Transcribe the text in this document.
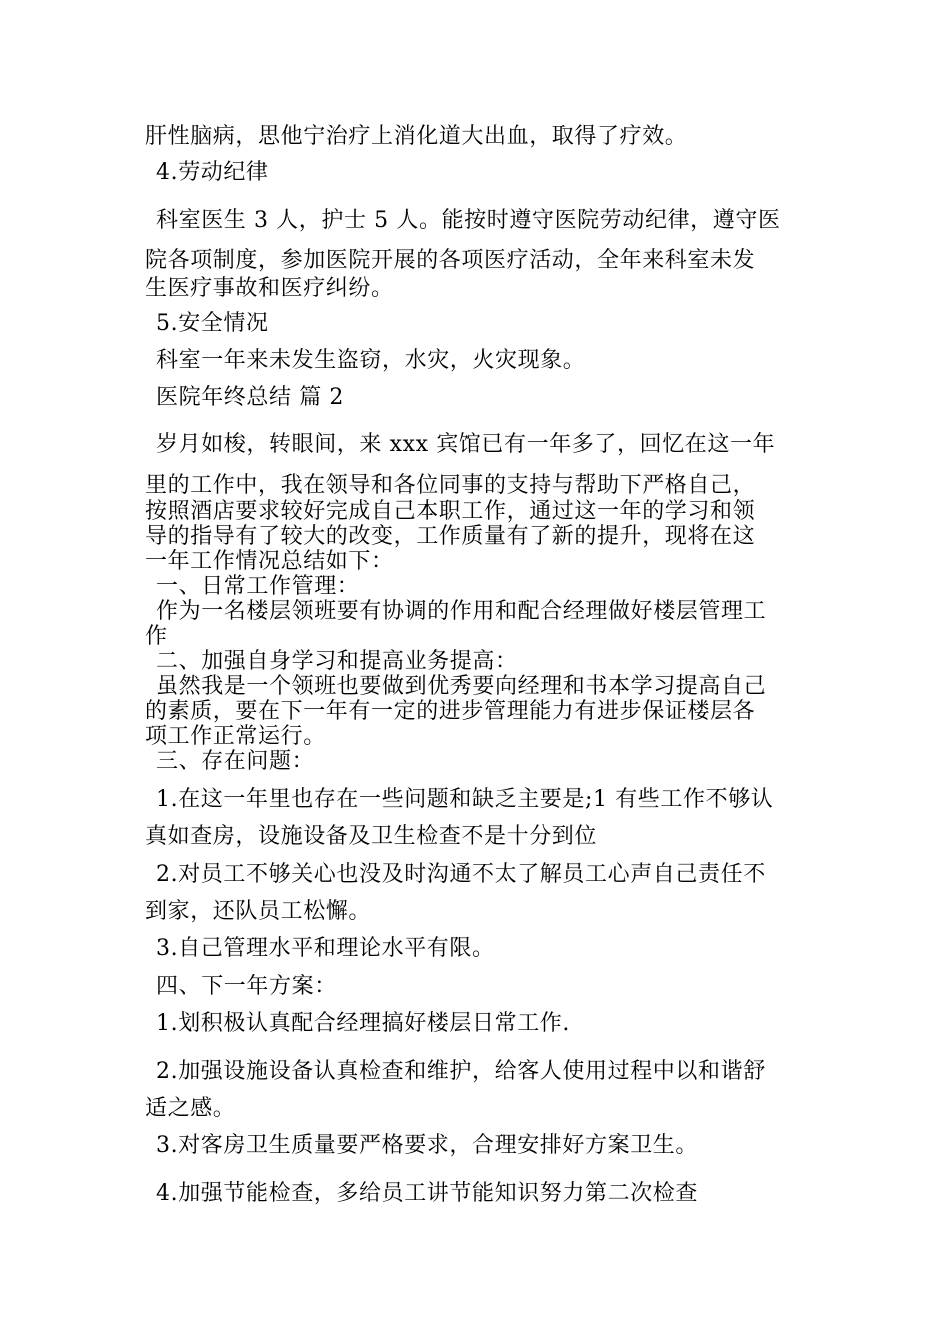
肝性脑病，思他宁治疗上消化道大出血，取得了疗效。
4.劳动纪律
科室医生 3 人，护士 5 人。能按时遵守医院劳动纪律，遵守医
院各项制度，参加医院开展的各项医疗活动，全年来科室未发
生医疗事故和医疗纠纷。
5.安全情况
科室一年来未发生盗窃，水灾，火灾现象。
医院年终总结 篇 2
岁月如梭，转眼间，来 xxx 宾馆已有一年多了，回忆在这一年
里的工作中，我在领导和各位同事的支持与帮助下严格自己，
按照酒店要求较好完成自己本职工作，通过这一年的学习和领
导的指导有了较大的改变，工作质量有了新的提升，现将在这
一年工作情况总结如下：
一、日常工作管理：
作为一名楼层领班要有协调的作用和配合经理做好楼层管理工
作
二、加强自身学习和提高业务提高：
虽然我是一个领班也要做到优秀要向经理和书本学习提高自己
的素质，要在下一年有一定的进步管理能力有进步保证楼层各
项工作正常运行。
三、存在问题：
1.在这一年里也存在一些问题和缺乏主要是;1 有些工作不够认
真如查房，设施设备及卫生检查不是十分到位
2.对员工不够关心也没及时沟通不太了解员工心声自己责任不
到家，还队员工松懈。
3.自己管理水平和理论水平有限。
四、下一年方案：
1.划积极认真配合经理搞好楼层日常工作.
2.加强设施设备认真检查和维护，给客人使用过程中以和谐舒
适之感。
3.对客房卫生质量要严格要求，合理安排好方案卫生。
4.加强节能检查，多给员工讲节能知识努力第二次检查
